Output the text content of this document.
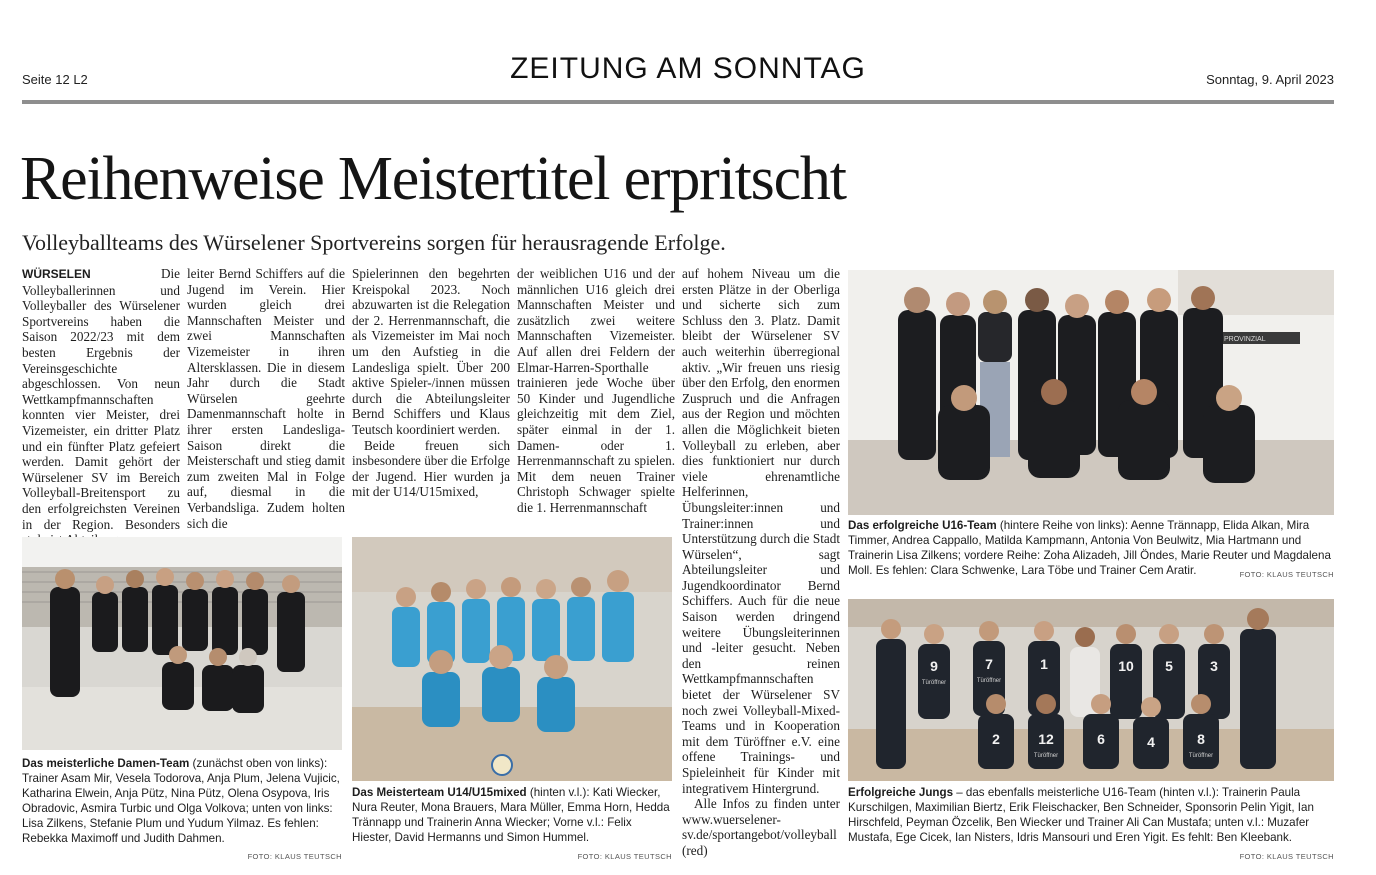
Seite 12 L2	ZEITUNG AM SONNTAG	Sonntag, 9. April 2023
Reihenweise Meistertitel erpritscht
Volleyballteams des Würselener Sportvereins sorgen für herausragende Erfolge.

WÜRSELEN	Die Volleyballerinnen und Volleyballer des Würselener Sportvereins haben die Saison 2022/23 mit dem besten Ergebnis der Vereinsgeschichte abgeschlossen. Von neun Wettkampfmannschaften konnten vier Meister, drei Vizemeister, ein dritter Platz und ein fünfter Platz gefeiert werden. Damit gehört der Würselener SV im Bereich Volleyball-Breitensport zu den erfolgreichsten Vereinen in der Region. Besonders

leiter Bernd Schiffers auf die Jugend im Verein. Hier wurden gleich drei Mannschaften Meister und zwei Mannschaften Vizemeister in ihren Altersklassen. Die in diesem Jahr durch die Stadt Würselen geehrte Damenmannschaft holte in ihrer ersten Landesliga-Saison direkt die Meisterschaft und stieg damit zum zweiten Mal in Folge auf, diesmal in die Verbandsliga. Zudem holten sich die

Spielerinnen den begehrten Kreispokal 2023. Noch abzuwarten ist die Relegation der 2. Herrenmannschaft, die als Vizemeister im Mai noch um den Aufstieg in die Landesliga spielt. Über 200 aktive Spieler-/innen müssen durch die Abteilungsleiter Bernd Schiffers und Klaus Teutsch koordiniert werden.

Beide freuen sich insbesondere über die Erfolge der Jugend. Hier wurden ja mit der U14/U15mixed,

der weiblichen U16 und der männlichen U16 gleich drei Mannschaften Meister und zusätzlich zwei weitere Mannschaften Vizemeister. Auf allen drei Feldern der Elmar-Harren-Sporthalle trainieren jede Woche über 50 Kinder und Jugendliche gleichzeitig mit dem Ziel, später einmal in der 1. Damen- oder 1. Herrenmannschaft zu spielen. Mit dem neuen Trainer Christoph Schwager spielte die 1. Herrenmannschaft

auf hohem Niveau um die ersten Plätze in der Oberliga und sicherte sich zum Schluss den 3. Platz. Damit bleibt der Würselener SV auch weiterhin überregional aktiv. „Wir freuen uns riesig über den Erfolg, den enormen Zuspruch und die Anfragen aus der Region und möchten allen die Möglichkeit bieten Volleyball zu erleben, aber dies funktioniert nur durch viele ehrenamtliche Helferinnen, Übungsleiter:innen und Trainer:innen und Unterstützung durch die Stadt Würselen“, sagt Abteilungsleiter und Jugendkoordinator Bernd Schiffers. Auch für die neue Saison werden dringend weitere Übungsleiterinnen und -leiter gesucht. Neben den reinen Wettkampfmannschaften bietet der Würselener SV noch zwei Volleyball-Mixed-Teams und in Kooperation mit dem Türöffner e.V. eine offene Trainings- und Spieleinheit für Kinder mit integrativem Hintergrund.

Alle Infos zu finden unter www.wuerselener-sv.de/sportangebot/volleyball (red)

PROVINZIAL
Das erfolgreiche U16-Team (hintere Reihe von links): Aenne Trännapp, Elida Alkan, Mira Timmer, Andrea Cappallo, Matilda Kampmann, Antonia Von Beulwitz, Mia Hartmann und Trainerin Lisa Zilkens; vordere Reihe: Zoha Alizadeh, Jill Öndes, Marie Reuter und Magdalena Moll. Es fehlen: Clara Schwenke, Lara Töbe und Trainer Cem Aratir.	FOTO: KLAUS TEUTSCH
Das meisterliche Damen-Team (zunächst oben von links): Trainer Asam Mir, Vesela Todorova, Anja Plum, Jelena Vujicic, Katharina Elwein, Anja Pütz, Nina Pütz, Olena Osypova, Iris Obradovic, Asmira Turbic und Olga Volkova; unten von links: Lisa Zilkens, Stefanie Plum und Yudum Yilmaz. Es fehlen: Rebekka Maximoff und Judith Dahmen.
FOTO: KLAUS TEUTSCH
Das Meisterteam U14/U15mixed (hinten v.l.): Kati Wiecker, Nura Reuter, Mona Brauers, Mara Müller, Emma Horn, Hedda Trännapp und Trainerin Anna Wiecker; Vorne v.l.: Felix Hiester, David Hermanns und Simon Hummel.
FOTO: KLAUS TEUTSCH
9	7	1	10 5	3
2	12	6	4	8
Türöffner	Türöffner
Türöffner	Türöffner
Erfolgreiche Jungs – das ebenfalls meisterliche U16-Team (hinten v.l.): Trainerin Paula Kurschilgen, Maximilian Biertz, Erik Fleischacker, Ben Schneider, Sponsorin Pelin Yigit, Ian Hirschfeld, Peyman Özcelik, Ben Wiecker und Trainer Ali Can Mustafa; unten v.l.: Muzafer Mustafa, Ege Cicek, Ian Nisters, Idris Mansouri und Eren Yigit. Es fehlt: Ben Kleebank.
FOTO: KLAUS TEUTSCH
